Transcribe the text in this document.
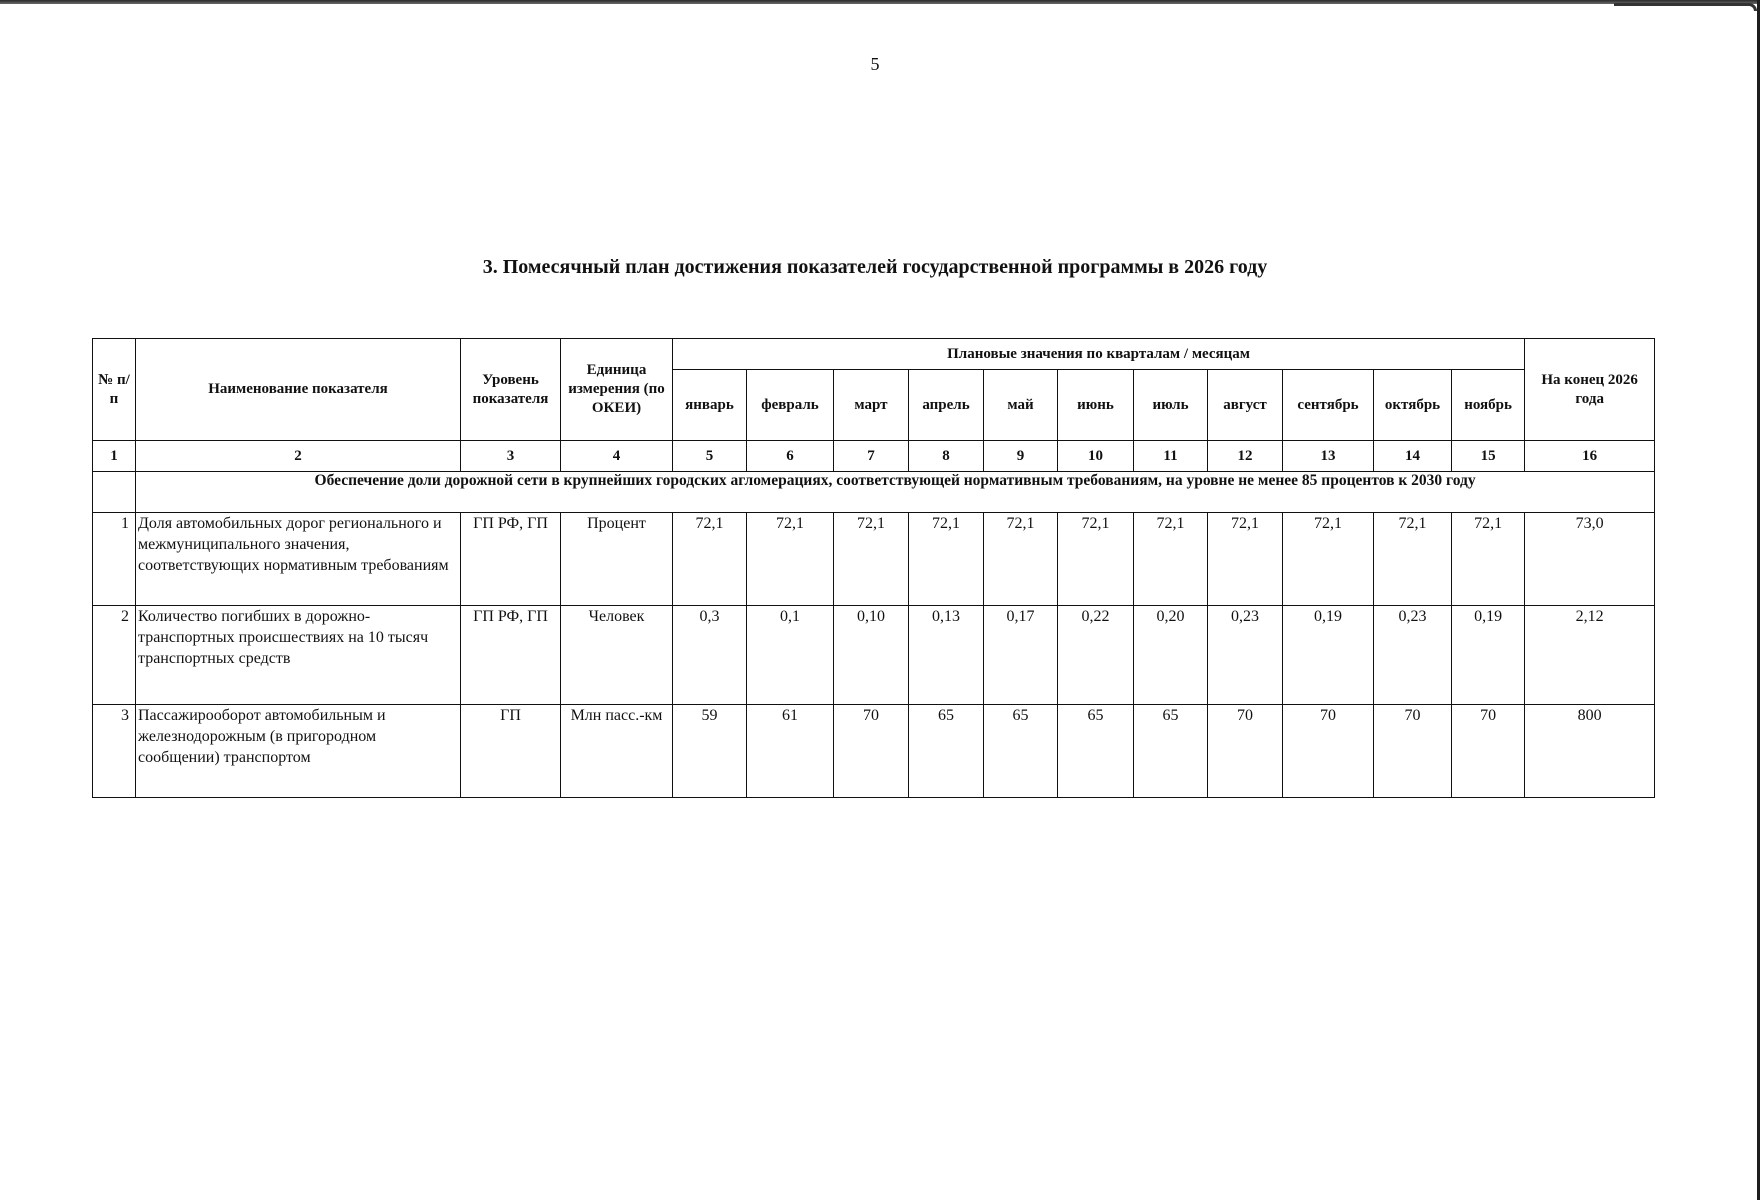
5
3. Помесячный план достижения показателей государственной программы в 2026 году
№ п/п	Наименование показателя	Уровень показателя	Единица измерения (по ОКЕИ)	Плановые значения по кварталам / месяцам											На конец 2026 года
				январь	февраль	март	апрель	май	июнь	июль	август	сентябрь	октябрь	ноябрь	
1	2	3	4	5	6	7	8	9	10	11	12	13	14	15	16
	Обеспечение доли дорожной сети в крупнейших городских агломерациях, соответствующей нормативным требованиям, на уровне не менее 85 процентов к 2030 году														
1	Доля автомобильных дорог регионального и межмуниципального значения, соответствующих нормативным требованиям	ГП РФ, ГП	Процент	72,1	72,1	72,1	72,1	72,1	72,1	72,1	72,1	72,1	72,1	72,1	73,0
2	Количество погибших в дорожно-транспортных происшествиях на 10 тысяч транспортных средств	ГП РФ, ГП	Человек	0,3	0,1	0,10	0,13	0,17	0,22	0,20	0,23	0,19	0,23	0,19	2,12
3	Пассажирооборот автомобильным и железнодорожным (в пригородном сообщении) транспортом	ГП	Млн пасс.-км	59	61	70	65	65	65	65	70	70	70	70	800
